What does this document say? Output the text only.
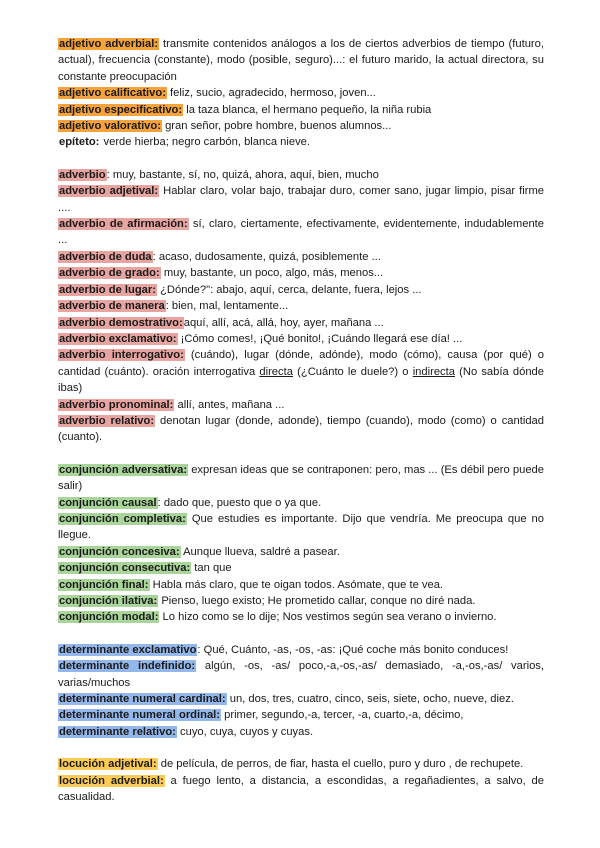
adjetivo adverbial: transmite contenidos análogos a los de ciertos adverbios de tiempo (futuro, actual), frecuencia (constante), modo (posible, seguro)...: el futuro marido, la actual directora, su constante preocupación

adjetivo calificativo: feliz, sucio, agradecido, hermoso, joven...

adjetivo especificativo: la taza blanca, el hermano pequeño, la niña rubia

adjetivo valorativo: gran señor, pobre hombre, buenos alumnos...

epíteto: verde hierba; negro carbón, blanca nieve.

adverbio: muy, bastante, sí, no, quizá, ahora, aquí, bien, mucho

adverbio adjetival: Hablar claro, volar bajo, trabajar duro, comer sano, jugar limpio, pisar firme ....

adverbio de afirmación: sí, claro, ciertamente, efectivamente, evidentemente, indudablemente ...

adverbio de duda: acaso, dudosamente, quizá, posiblemente ...

adverbio de grado: muy, bastante, un poco, algo, más, menos...

adverbio de lugar: ¿Dónde?": abajo, aquí, cerca, delante, fuera, lejos ...

adverbio de manera: bien, mal, lentamente...

adverbio demostrativo:aquí, allí, acá, allá, hoy, ayer, mañana ...

adverbio exclamativo: ¡Cómo comes!, ¡Qué bonito!, ¡Cuándo llegará ese día! ...

adverbio interrogativo: (cuándo), lugar (dónde, adónde), modo (cómo), causa (por qué) o cantidad (cuánto). oración interrogativa directa (¿Cuánto le duele?) o indirecta (No sabía dónde ibas)

adverbio pronominal: allí, antes, mañana ...

adverbio relativo: denotan lugar (donde, adonde), tiempo (cuando), modo (como) o cantidad (cuanto).

conjunción adversativa: expresan ideas que se contraponen: pero, mas ... (Es débil pero puede salir)

conjunción causal: dado que, puesto que o ya que.

conjunción completiva: Que estudies es importante. Dijo que vendría. Me preocupa que no llegue.

conjunción concesiva: Aunque llueva, saldré a pasear.

conjunción consecutiva: tan que

conjunción final: Habla más claro, que te oigan todos. Asómate, que te vea.

conjunción ilativa: Pienso, luego existo; He prometido callar, conque no diré nada.

conjunción modal: Lo hizo como se lo dije; Nos vestimos según sea verano o invierno.

determinante exclamativo: Qué, Cuánto, -as, -os, -as: ¡Qué coche más bonito conduces!

determinante indefinido: algún, -os, -as/ poco,-a,-os,-as/ demasiado, -a,-os,-as/ varios, varias/muchos

determinante numeral cardinal: un, dos, tres, cuatro, cinco, seis, siete, ocho, nueve, diez.

determinante numeral ordinal: primer, segundo,-a, tercer, -a, cuarto,-a, décimo,

determinante relativo: cuyo, cuya, cuyos y cuyas.

locución adjetival: de película, de perros, de fiar, hasta el cuello, puro y duro , de rechupete.

locución adverbial: a fuego lento, a distancia, a escondidas, a regañadientes, a salvo, de casualidad.
